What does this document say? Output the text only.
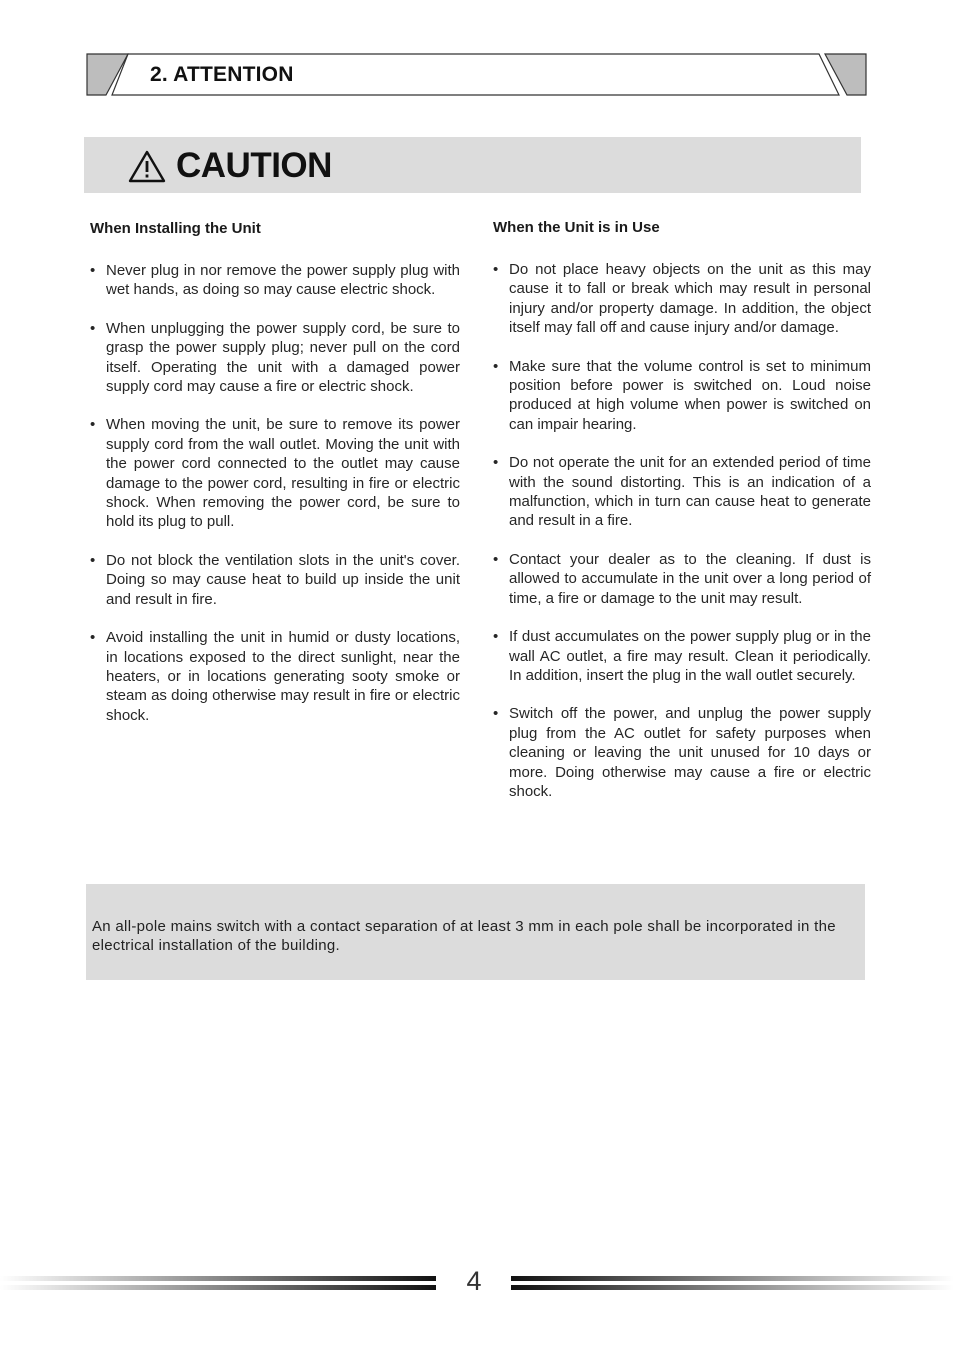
2. ATTENTION
CAUTION
When Installing the Unit
• Never plug in nor remove the power supply plug with wet hands, as doing so may cause electric shock.
• When unplugging the power supply cord, be sure to grasp the power supply plug; never pull on the cord itself. Operating the unit with a damaged power supply cord may cause a fire or electric shock.
• When moving the unit, be sure to remove its power supply cord from the wall outlet. Moving the unit with the power cord connected to the outlet may cause damage to the power cord, resulting in fire or electric shock. When removing the power cord, be sure to hold its plug to pull.
• Do not block the ventilation slots in the unit's cover. Doing so may cause heat to build up inside the unit and result in fire.
• Avoid installing the unit in humid or dusty locations, in locations exposed to the direct sunlight, near the heaters, or in locations generating sooty smoke or steam as doing otherwise may result in fire or electric shock.
When the Unit is in Use
• Do not place heavy objects on the unit as this may cause it to fall or break which may result in personal injury and/or property damage. In addition, the object itself may fall off and cause injury and/or damage.
• Make sure that the volume control is set to minimum position before power is switched on. Loud noise produced at high volume when power is switched on can impair hearing.
• Do not operate the unit for an extended period of time with the sound distorting. This is an indication of a malfunction, which in turn can cause heat to generate and result in a fire.
• Contact your dealer as to the cleaning. If dust is allowed to accumulate in the unit over a long period of time, a fire or damage to the unit may result.
• If dust accumulates on the power supply plug or in the wall AC outlet, a fire may result. Clean it periodically. In addition, insert the plug in the wall outlet securely.
• Switch off the power, and unplug the power supply plug from the AC outlet for safety purposes when cleaning or leaving the unit unused for 10 days or more. Doing otherwise may cause a fire or electric shock.
An all-pole mains switch with a contact separation of at least 3 mm in each pole shall be incorporated in the electrical installation of the building.
4
